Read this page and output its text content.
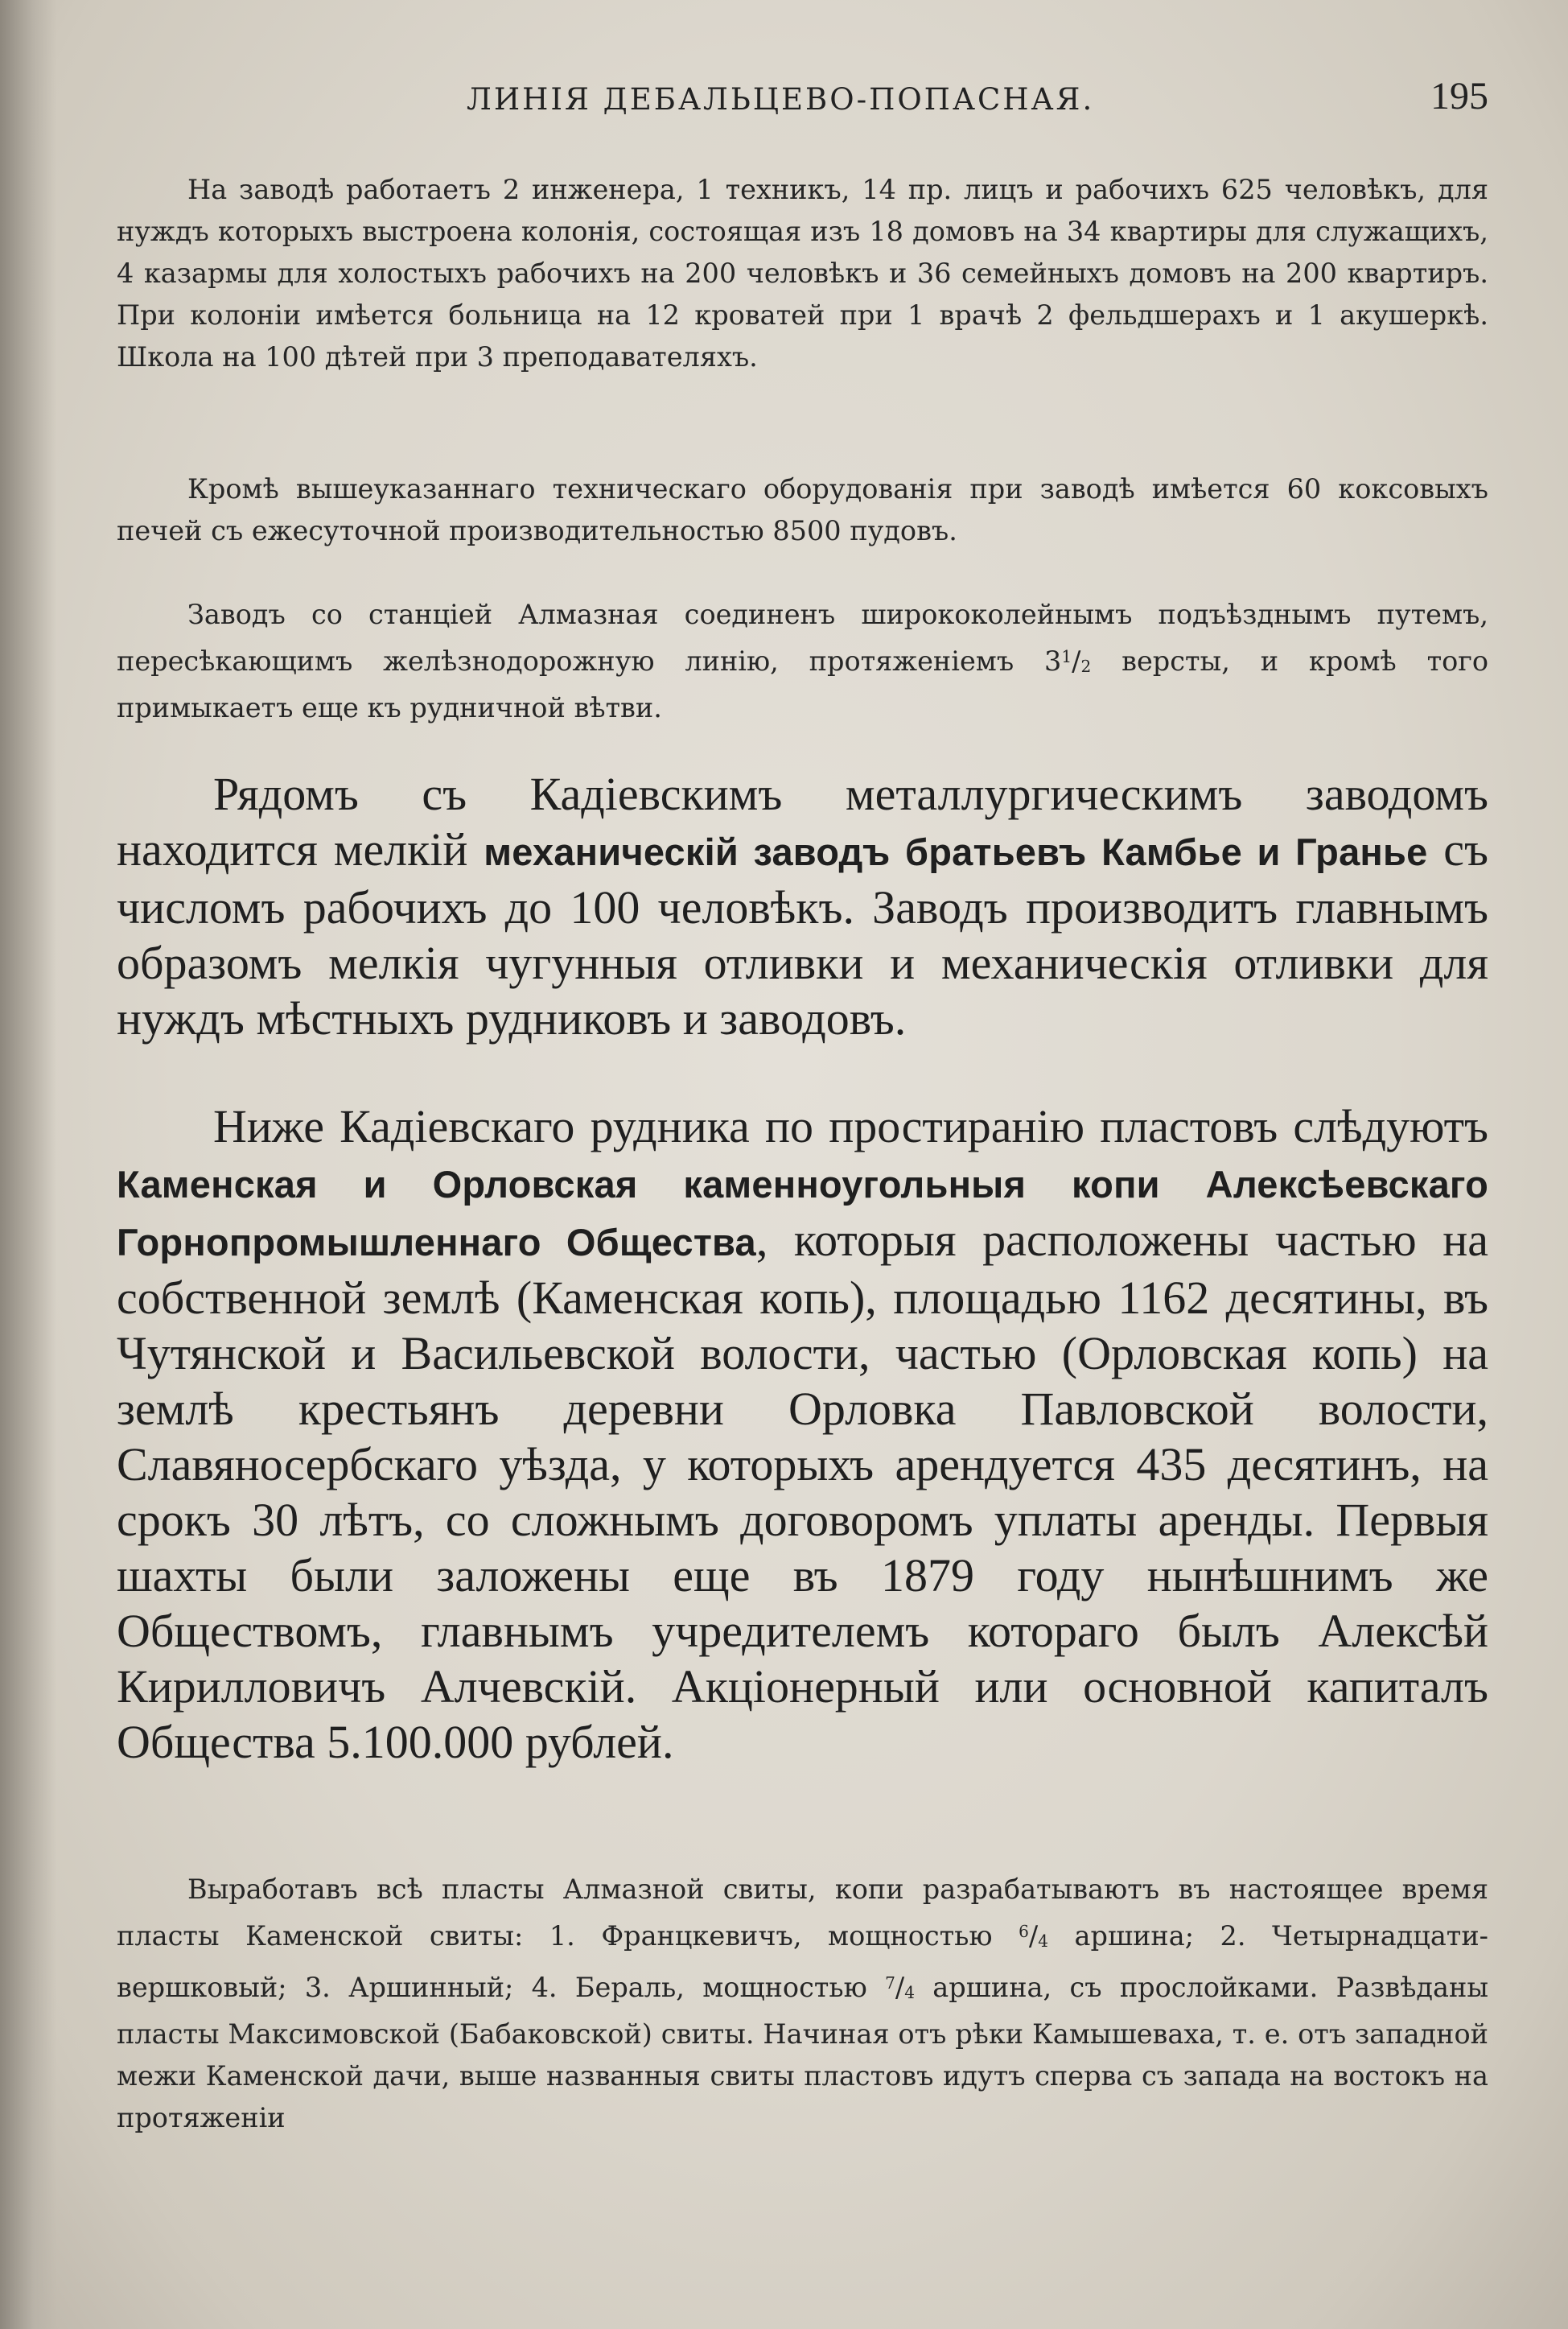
ЛИНІЯ ДЕБАЛЬЦЕВО-ПОПАСНАЯ.	195

На заводѣ работаетъ 2 инженера, 1 техникъ, 14 пр. лицъ и рабочихъ 625 человѣкъ, для нуждъ которыхъ выстроена колонія, состоящая изъ 18 домовъ на 34 квартиры для служащихъ, 4 казармы для холостыхъ рабочихъ на 200 человѣкъ и 36 семейныхъ домовъ на 200 квартиръ. При колоніи имѣется больница на 12 кроватей при 1 врачѣ 2 фельдшерахъ и 1 акушеркѣ. Школа на 100 дѣтей при 3 преподавателяхъ.

Кромѣ вышеуказаннаго техническаго оборудованія при заводѣ имѣется 60 коксовыхъ печей съ ежесуточной производительностью 8500 пудовъ.

Заводъ со станціей Алмазная соединенъ ширококолейнымъ подъѣзднымъ путемъ, пересѣкающимъ желѣзнодорожную линію, протяженіемъ $3^1/_2$ версты, и кромѣ того примыкаетъ еще къ рудничной вѣтви.

Рядомъ съ Кадіевскимъ металлургическимъ заводомъ находится мелкій механическій заводъ братьевъ Камбье и Гранье съ числомъ рабочихъ до 100 человѣкъ. Заводъ производитъ главнымъ образомъ мелкія чугунныя отливки и механическія отливки для нуждъ мѣстныхъ рудниковъ и заводовъ.

Ниже Кадіевскаго рудника по простиранію пластовъ слѣдуютъ Каменская и Орловская каменноугольныя копи Алексѣевскаго Горнопромышленнаго Общества, которыя расположены частью на собственной землѣ (Каменская копь), площадью 1162 десятины, въ Чутянской и Васильевской волости, частью (Орловская копь) на землѣ крестьянъ деревни Орловка Павловской волости, Славяносербскаго уѣзда, у которыхъ арендуется 435 десятинъ, на срокъ 30 лѣтъ, со сложнымъ договоромъ уплаты аренды. Первыя шахты были заложены еще въ 1879 году нынѣшнимъ же Обществомъ, главнымъ учредителемъ котораго былъ Алексѣй Кирилловичъ Алчевскій. Акціонерный или основной капиталъ Общества 5.100.000 рублей.

Выработавъ всѣ пласты Алмазной свиты, копи разрабатываютъ въ настоящее время пласты Каменской свиты: 1. Францкевичъ, мощностью $^6/_4$ аршина; 2. Четырнадцати-вершковый; 3. Аршинный; 4. Бераль, мощностью $^7/_4$ аршина, съ прослойками. Развѣданы пласты Максимовской (Бабаковской) свиты. Начиная отъ рѣки Камышеваха, т. е. отъ западной межи Каменской дачи, выше названныя свиты пластовъ идутъ сперва съ запада на востокъ на протяженіи
